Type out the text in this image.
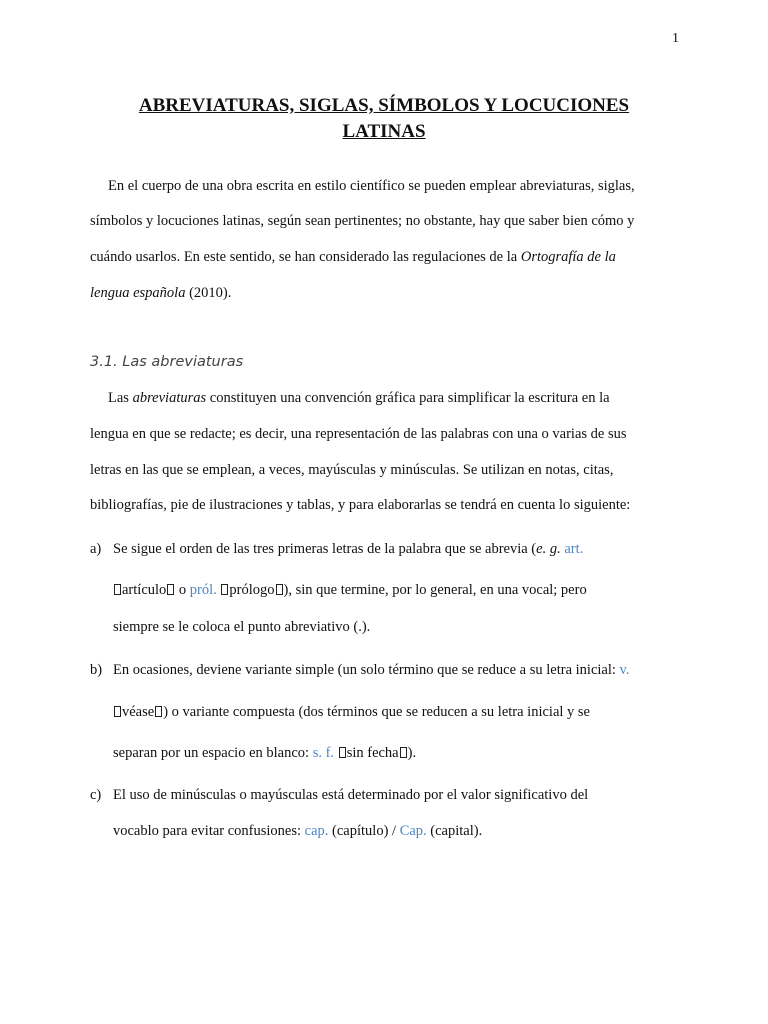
1
ABREVIATURAS, SIGLAS, SÍMBOLOS Y LOCUCIONES
LATINAS
En el cuerpo de una obra escrita en estilo científico se pueden emplear abreviaturas, siglas,
símbolos y locuciones latinas, según sean pertinentes; no obstante, hay que saber bien cómo y
cuándo usarlos. En este sentido, se han considerado las regulaciones de la Ortografía de la
lengua española (2010).
3.1. Las abreviaturas
Las abreviaturas constituyen una convención gráfica para simplificar la escritura en la
lengua en que se redacte; es decir, una representación de las palabras con una o varias de sus
letras en las que se emplean, a veces, mayúsculas y minúsculas. Se utilizan en notas, citas,
bibliografías, pie de ilustraciones y tablas, y para elaborarlas se tendrá en cuenta lo siguiente:
a) Se sigue el orden de las tres primeras letras de la palabra que se abrevia (e. g. art.
artículo o pról. prólogo ), sin que termine, por lo general, en una vocal; pero
siempre se le coloca el punto abreviativo (.).
b) En ocasiones, deviene variante simple (un solo término que se reduce a su letra inicial: v.
véase ) o variante compuesta (dos términos que se reducen a su letra inicial y se
separan por un espacio en blanco: s. f. sin fecha ).
c) El uso de minúsculas o mayúsculas está determinado por el valor significativo del
vocablo para evitar confusiones: cap. (capítulo) / Cap. (capital).
